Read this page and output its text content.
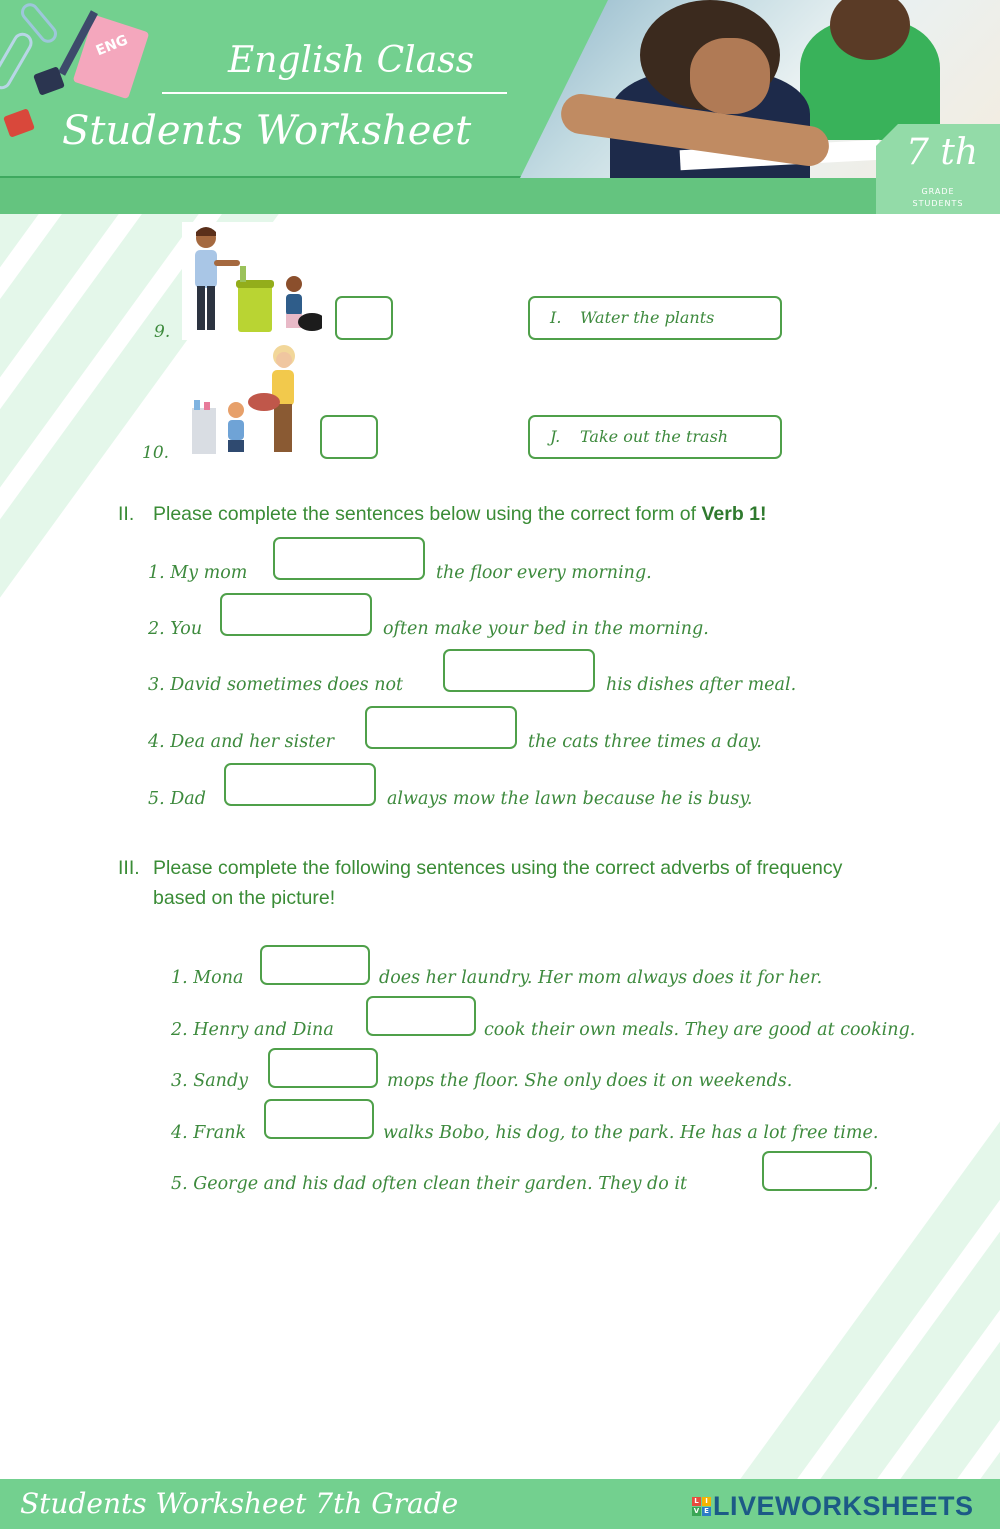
English Class
Students Worksheet	7 th
GRADE
STUDENTS
ENG
9.
I. Water the plants
10.
J. Take out the trash
II. Please complete the sentences below using the correct form of Verb 1!
1. My mom	the floor every morning.
2. You	often make your bed in the morning.
3. David sometimes does not	his dishes after meal.
4. Dea and her sister	the cats three times a day.
5. Dad	always mow the lawn because he is busy.
III. Please complete the following sentences using the correct adverbs of frequency
based on the picture!
1. Mona	does her laundry. Her mom always does it for her.
2. Henry and Dina	cook their own meals. They are good at cooking.
3. Sandy	mops the floor. She only does it on weekends.
4. Frank	walks Bobo, his dog, to the park. He has a lot free time.
5. George and his dad often clean their garden. They do it	.
Students Worksheet 7th Grade	L I
V E LIVEWORKSHEETS
